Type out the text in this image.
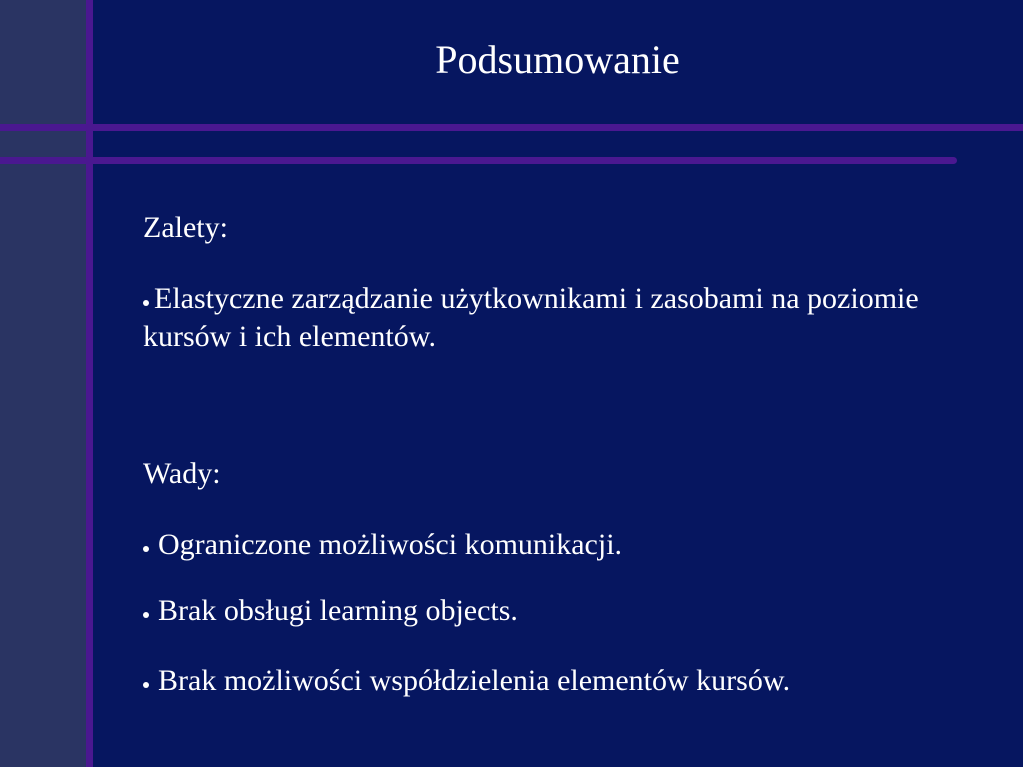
Podsumowanie
Zalety:
Elastyczne zarządzanie użytkownikami i zasobami na poziomie kursów i ich elementów.
Wady:
Ograniczone możliwości komunikacji.
Brak obsługi learning objects.
Brak możliwości współdzielenia elementów kursów.
